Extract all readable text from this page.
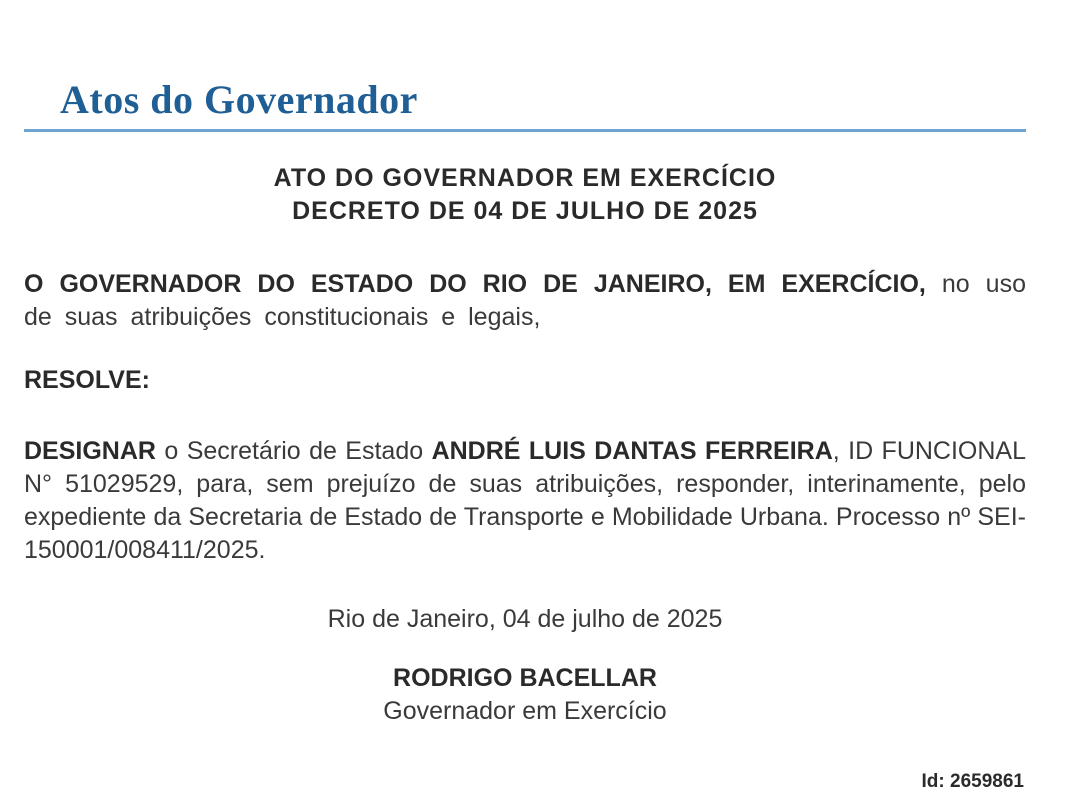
Atos do Governador
ATO DO GOVERNADOR EM EXERCÍCIO
DECRETO DE 04 DE JULHO DE 2025
O GOVERNADOR DO ESTADO DO RIO DE JANEIRO, EM EXERCÍCIO, no uso de suas atribuições constitucionais e legais,
RESOLVE:
DESIGNAR o Secretário de Estado ANDRÉ LUIS DANTAS FERREIRA, ID FUNCIONAL N° 51029529, para, sem prejuízo de suas atribuições, responder, interinamente, pelo expediente da Secretaria de Estado de Transporte e Mobilidade Urbana. Processo nº SEI-150001/008411/2025.
Rio de Janeiro, 04 de julho de 2025
RODRIGO BACELLAR
Governador em Exercício
Id: 2659861
